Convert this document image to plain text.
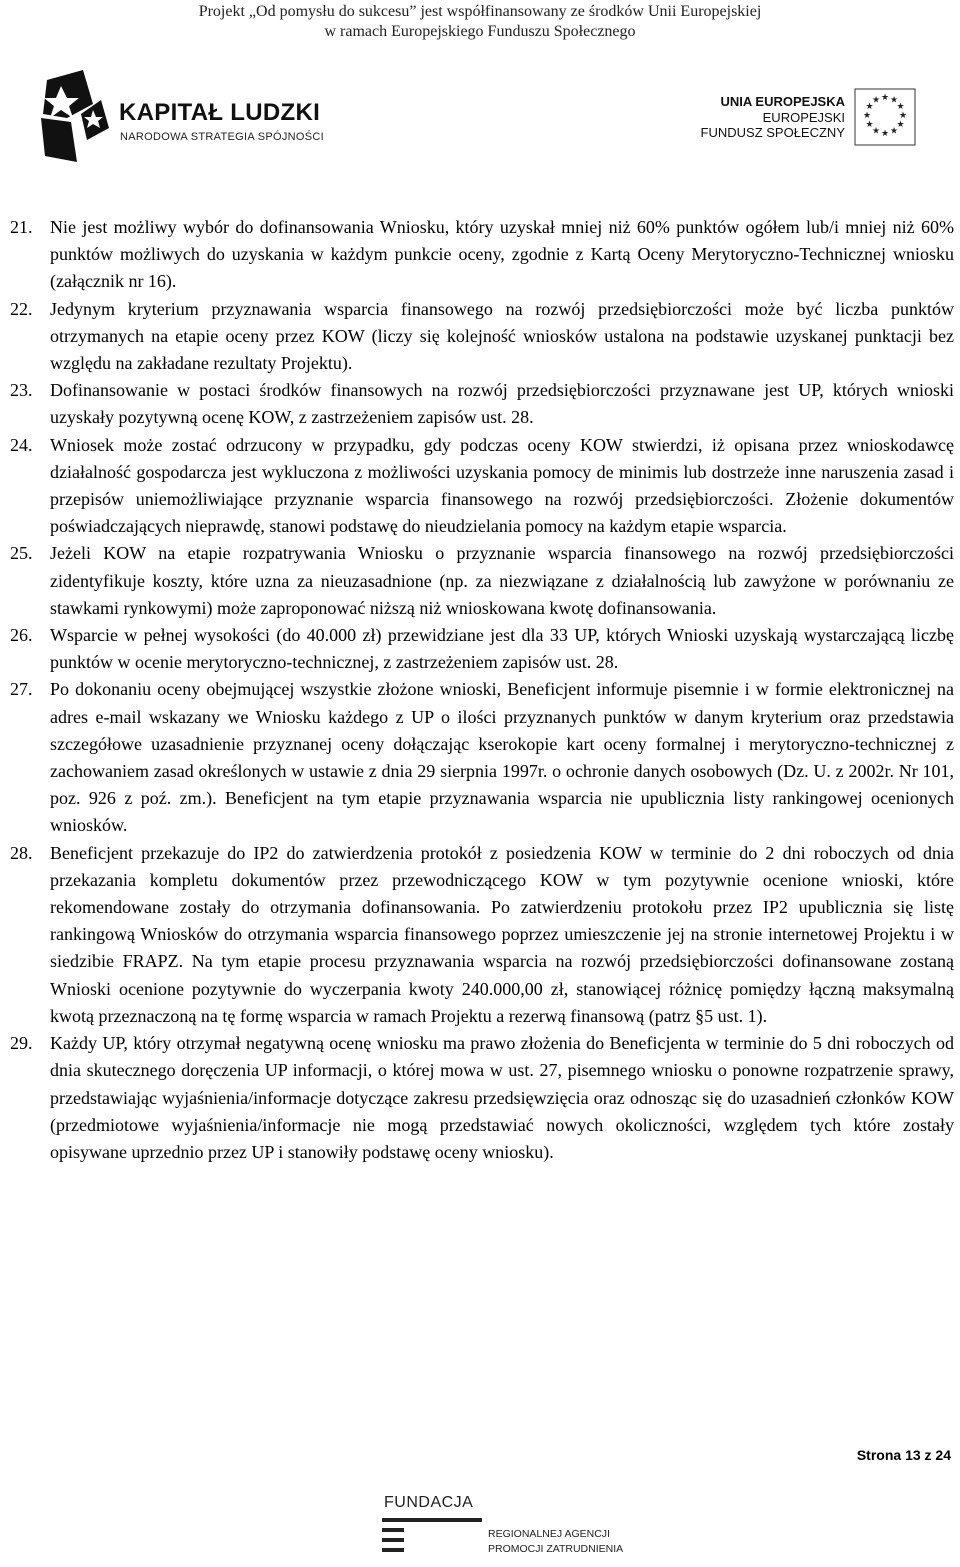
Projekt „Od pomysłu do sukcesu” jest współfinansowany ze środków Unii Europejskiej
w ramach Europejskiego Funduszu Społecznego
KAPITAŁ LUDZKI
NARODOWA STRATEGIA SPÓJNOŚCI
UNIA EUROPEJSKA
EUROPEJSKI
FUNDUSZ SPOŁECZNY
★ ★
★
★
★
★
★
★
★
★
★
★
21. Nie jest możliwy wybór do dofinansowania Wniosku, który uzyskał mniej niż 60% punktów ogółem lub/i mniej niż 60% punktów możliwych do uzyskania w każdym punkcie oceny, zgodnie z Kartą Oceny Merytoryczno-Technicznej wniosku (załącznik nr 16).
22. Jedynym kryterium przyznawania wsparcia finansowego na rozwój przedsiębiorczości może być liczba punktów otrzymanych na etapie oceny przez KOW (liczy się kolejność wniosków ustalona na podstawie uzyskanej punktacji bez względu na zakładane rezultaty Projektu).
23. Dofinansowanie w postaci środków finansowych na rozwój przedsiębiorczości przyznawane jest UP, których wnioski uzyskały pozytywną ocenę KOW, z zastrzeżeniem zapisów ust. 28.
24. Wniosek może zostać odrzucony w przypadku, gdy podczas oceny KOW stwierdzi, iż opisana przez wnioskodawcę działalność gospodarcza jest wykluczona z możliwości uzyskania pomocy de minimis lub dostrzeże inne naruszenia zasad i przepisów uniemożliwiające przyznanie wsparcia finansowego na rozwój przedsiębiorczości. Złożenie dokumentów poświadczających nieprawdę, stanowi podstawę do nieudzielania pomocy na każdym etapie wsparcia.
25. Jeżeli KOW na etapie rozpatrywania Wniosku o przyznanie wsparcia finansowego na rozwój przedsiębiorczości zidentyfikuje koszty, które uzna za nieuzasadnione (np. za niezwiązane z działalnością lub zawyżone w porównaniu ze stawkami rynkowymi) może zaproponować niższą niż wnioskowana kwotę dofinansowania.
26. Wsparcie w pełnej wysokości (do 40.000 zł) przewidziane jest dla 33 UP, których Wnioski uzyskają wystarczającą liczbę punktów w ocenie merytoryczno-technicznej, z zastrzeżeniem zapisów ust. 28.
27. Po dokonaniu oceny obejmującej wszystkie złożone wnioski, Beneficjent informuje pisemnie i w formie elektronicznej na adres e-mail wskazany we Wniosku każdego z UP o ilości przyznanych punktów w danym kryterium oraz przedstawia szczegółowe uzasadnienie przyznanej oceny dołączając kserokopie kart oceny formalnej i merytoryczno-technicznej z zachowaniem zasad określonych w ustawie z dnia 29 sierpnia 1997r. o ochronie danych osobowych (Dz. U. z 2002r. Nr 101, poz. 926 z poź. zm.). Beneficjent na tym etapie przyznawania wsparcia nie upublicznia listy rankingowej ocenionych wniosków.
28. Beneficjent przekazuje do IP2 do zatwierdzenia protokół z posiedzenia KOW w terminie do 2 dni roboczych od dnia przekazania kompletu dokumentów przez przewodniczącego KOW w tym pozytywnie ocenione wnioski, które rekomendowane zostały do otrzymania dofinansowania. Po zatwierdzeniu protokołu przez IP2 upublicznia się listę rankingową Wniosków do otrzymania wsparcia finansowego poprzez umieszczenie jej na stronie internetowej Projektu i w siedzibie FRAPZ. Na tym etapie procesu przyznawania wsparcia na rozwój przedsiębiorczości dofinansowane zostaną Wnioski ocenione pozytywnie do wyczerpania kwoty 240.000,00 zł, stanowiącej różnicę pomiędzy łączną maksymalną kwotą przeznaczoną na tę formę wsparcia w ramach Projektu a rezerwą finansową (patrz §5 ust. 1).
29. Każdy UP, który otrzymał negatywną ocenę wniosku ma prawo złożenia do Beneficjenta w terminie do 5 dni roboczych od dnia skutecznego doręczenia UP informacji, o której mowa w ust. 27, pisemnego wniosku o ponowne rozpatrzenie sprawy, przedstawiając wyjaśnienia/informacje dotyczące zakresu przedsięwzięcia oraz odnosząc się do uzasadnień członków KOW (przedmiotowe wyjaśnienia/informacje nie mogą przedstawiać nowych okoliczności, względem tych które zostały opisywane uprzednio przez UP i stanowiły podstawę oceny wniosku).
Strona 13 z 24
FUNDACJA
REGIONALNEJ AGENCJI
PROMOCJI ZATRUDNIENIA
